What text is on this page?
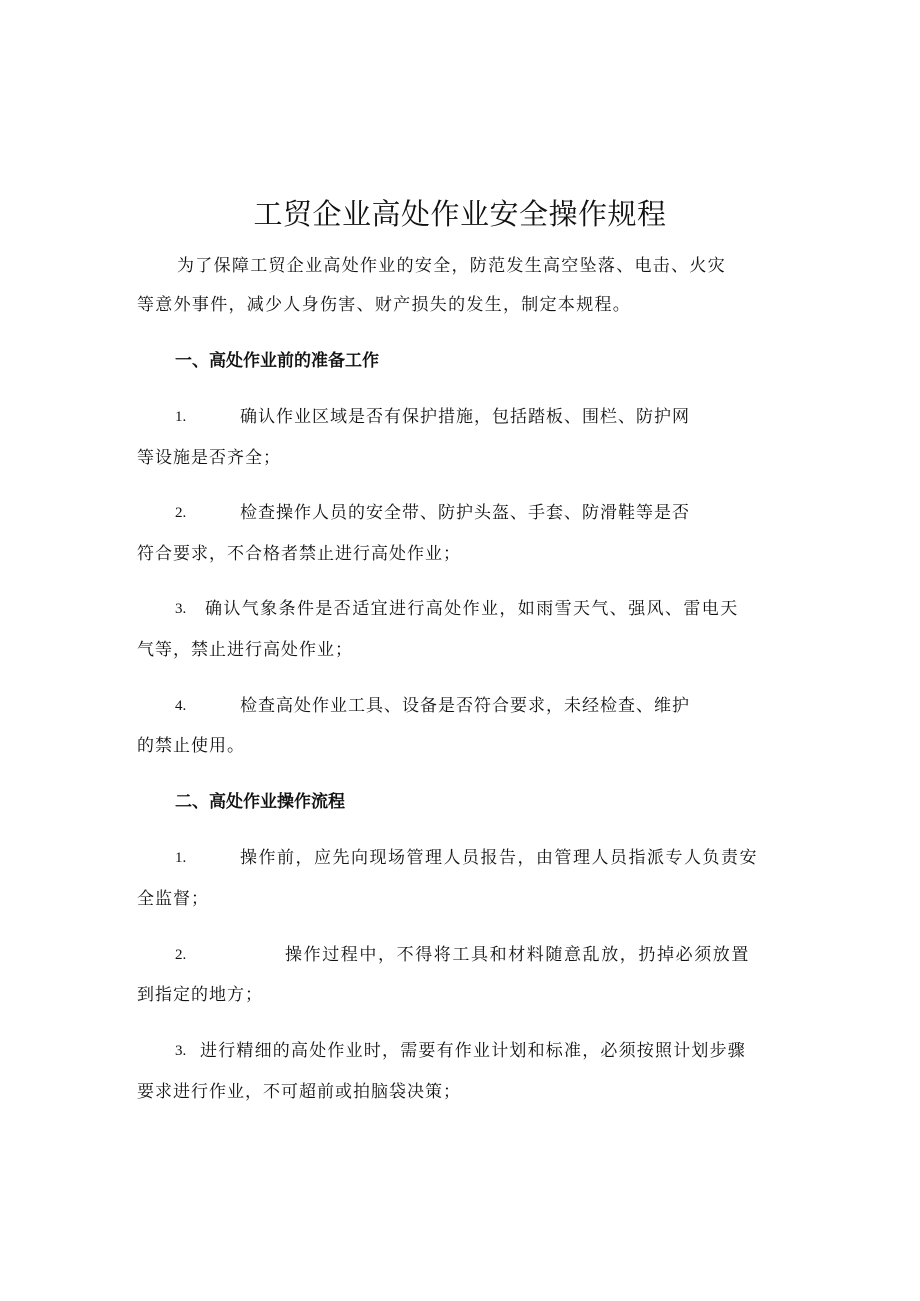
工贸企业高处作业安全操作规程
为了保障工贸企业高处作业的安全，防范发生高空坠落、电击、火灾
等意外事件，减少人身伤害、财产损失的发生，制定本规程。
一、高处作业前的准备工作
1.	确认作业区域是否有保护措施，包括踏板、围栏、防护网
等设施是否齐全；
2.	检查操作人员的安全带、防护头盔、手套、防滑鞋等是否
符合要求，不合格者禁止进行高处作业；
3. 确认气象条件是否适宜进行高处作业，如雨雪天气、强风、雷电天
气等，禁止进行高处作业；
4.	检查高处作业工具、设备是否符合要求，未经检查、维护
的禁止使用。
二、高处作业操作流程
1.	操作前，应先向现场管理人员报告，由管理人员指派专人负责安
全监督；
2.	操作过程中，不得将工具和材料随意乱放，扔掉必须放置
到指定的地方；
3. 进行精细的高处作业时，需要有作业计划和标准，必须按照计划步骤
要求进行作业，不可超前或拍脑袋决策；
